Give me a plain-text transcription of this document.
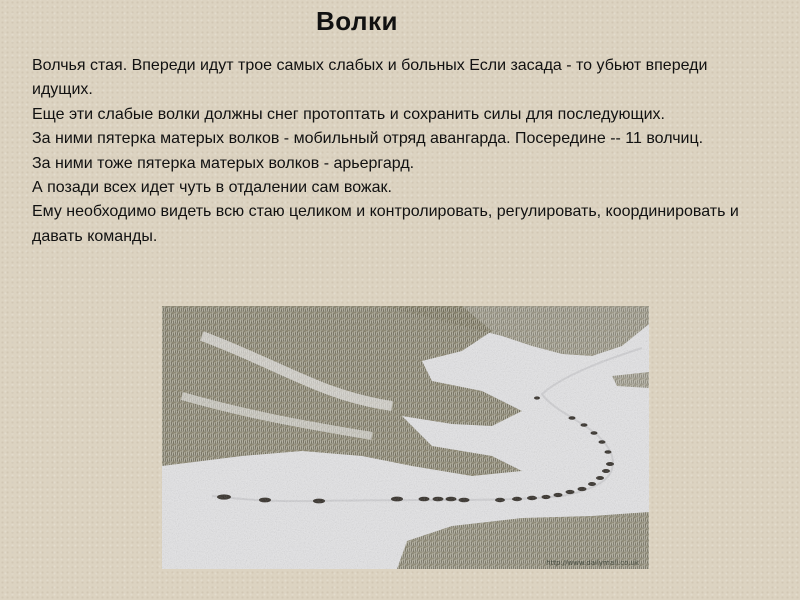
Волки

Волчья стая. Впереди идут трое самых слабых и больных Если засада - то убьют впереди идущих.

Еще эти слабые волки должны снег протоптать и сохранить силы для последующих.

За ними пятерка матерых волков - мобильный отряд авангарда. Посередине -- 11 волчиц.

За ними тоже пятерка матерых волков - арьергард.

А позади всех идет чуть в отдалении сам вожак.

Ему необходимо видеть всю стаю целиком и контролировать, регулировать, координировать и давать команды.

http://www.dailymail.co.uk
